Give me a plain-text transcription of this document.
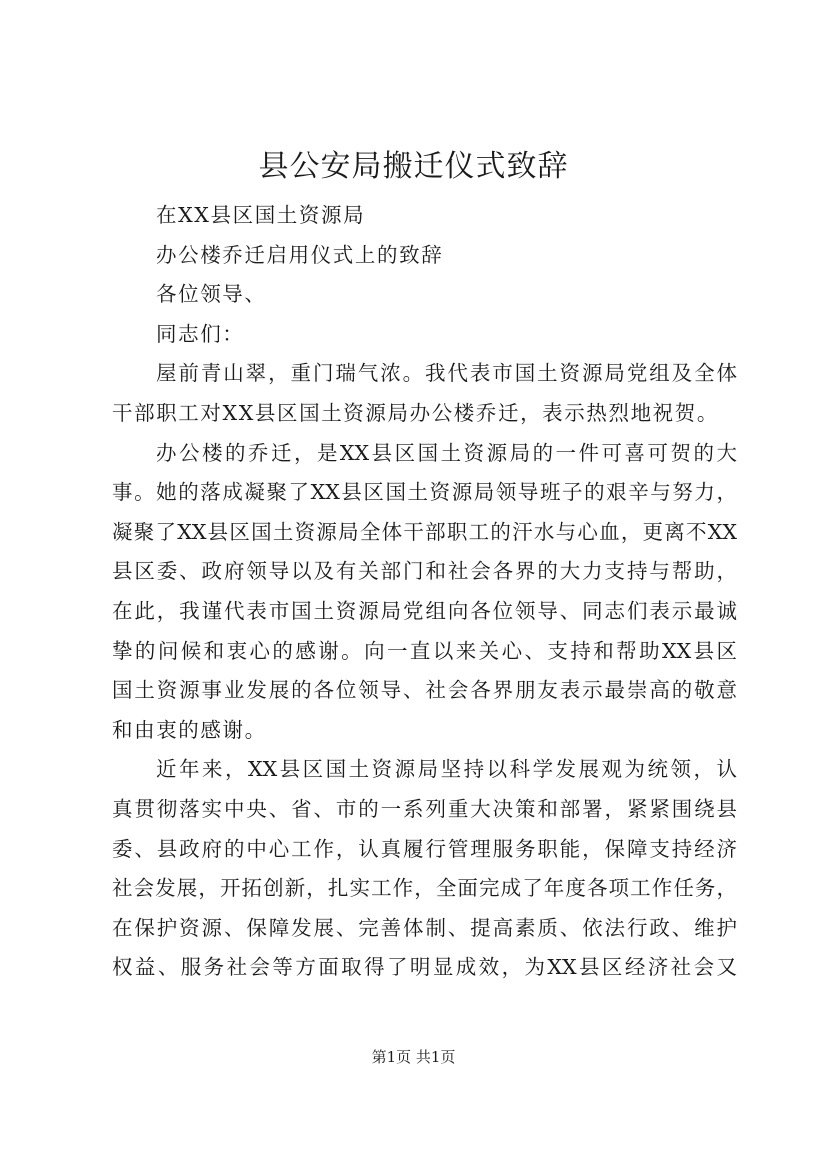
县公安局搬迁仪式致辞

在XX县区国土资源局

办公楼乔迁启用仪式上的致辞

各位领导、

同志们：

屋前青山翠，重门瑞气浓。我代表市国土资源局党组及全体

干部职工对XX县区国土资源局办公楼乔迁，表示热烈地祝贺。

办公楼的乔迁，是XX县区国土资源局的一件可喜可贺的大

事。她的落成凝聚了XX县区国土资源局领导班子的艰辛与努力，

凝聚了XX县区国土资源局全体干部职工的汗水与心血，更离不XX

县区委、政府领导以及有关部门和社会各界的大力支持与帮助，

在此，我谨代表市国土资源局党组向各位领导、同志们表示最诚

挚的问候和衷心的感谢。向一直以来关心、支持和帮助XX县区

国土资源事业发展的各位领导、社会各界朋友表示最崇高的敬意

和由衷的感谢。

近年来，XX县区国土资源局坚持以科学发展观为统领，认

真贯彻落实中央、省、市的一系列重大决策和部署，紧紧围绕县

委、县政府的中心工作，认真履行管理服务职能，保障支持经济

社会发展，开拓创新，扎实工作，全面完成了年度各项工作任务，

在保护资源、保障发展、完善体制、提高素质、依法行政、维护

权益、服务社会等方面取得了明显成效，为XX县区经济社会又

第1页 共1页
